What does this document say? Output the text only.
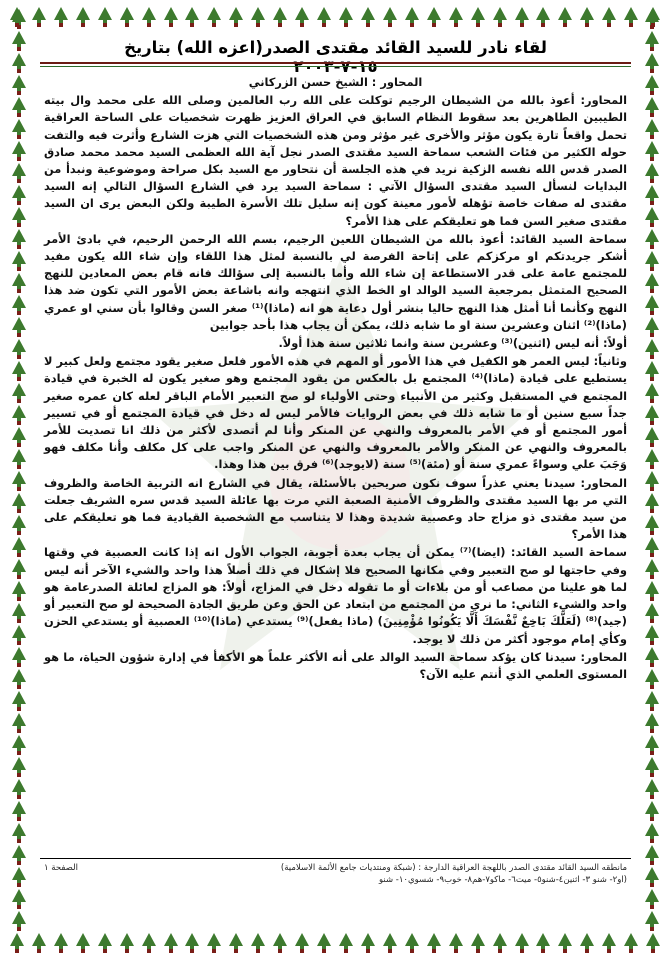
لقاء نادر للسيد القائد مقتدى الصدر(اعزه الله) بتاريخ ١٥-٧-٢٠٠٣

المحاور : الشيخ حسن الزركاني

المحاور: أعوذ بالله من الشيطان الرجيم توكلت على الله رب العالمين وصلى الله على محمد وال بيته الطيبين الطاهرين بعد سقوط النظام السابق في العراق العزيز ظهرت شخصيات على الساحة العراقية تحمل واقعاً تارة يكون مؤثر والأخرى غير مؤثر ومن هذه الشخصيات التي هزت الشارع وأثرت فيه والتفت حوله الكثير من فئات الشعب سماحة السيد مقتدى الصدر نجل آية الله العظمى السيد محمد محمد صادق الصدر قدس الله نفسه الزكية نريد في هذه الجلسة أن نتحاور مع السيد بكل صراحة وموضوعية ونبدأ من البدايات لنسأل السيد مقتدى السؤال الآتي : سماحة السيد يرد في الشارع السؤال التالي إنه السيد مقتدى له صفات خاصة تؤهله لأمور معينة كون إنه سليل تلك الأسرة الطيبة ولكن البعض يرى ان السيد مقتدى صغير السن فما هو تعليقكم على هذا الأمر؟

سماحة السيد القائد: أعوذ بالله من الشيطان اللعين الرجيم، بسم الله الرحمن الرحيم، في بادئ الأمر أشكر جريدتكم او مركزكم على إتاحة الفرصة لي بالنسبة لمثل هذا اللقاء وإن شاء الله يكون مفيد للمجتمع عامة على قدر الاستطاعة إن شاء الله وأما بالنسبة إلى سؤالك فانه قام بعض المعادين للنهج الصحيح المتمثل بمرجعية السيد الوالد او الخط الذي انتهجه وانه باشاعة بعض الأمور التي تكون ضد هذا النهج وكأنما أنا أمثل هذا النهج حاليا بنشر أول دعاية هو انه (ماذا)⁽¹⁾ صغر السن وقالوا بأن سني او عمري (ماذا)⁽²⁾ اثنان وعشرين سنة او ما شابه ذلك، يمكن أن يجاب هذا بأحد جوابين

أولاً: أنه ليس (اثنين)⁽³⁾ وعشرين سنة وانما ثلاثين سنة هذا أولاً.

وثانياً: ليس العمر هو الكفيل في هذا الأمور أو المهم في هذه الأمور فلعل صغير يقود مجتمع ولعل كبير لا يستطيع على قيادة (ماذا)⁽⁴⁾ المجتمع بل بالعكس من يقود المجتمع وهو صغير يكون له الخبرة في قيادة المجتمع في المستقبل وكثير من الأنبياء وحتى الأولياء لو صح التعبير الأمام الباقر لعله كان عمره صغير جداً سبع سنين أو ما شابه ذلك في بعض الروايات فالأمر ليس له دخل في قيادة المجتمع أو في تسيير أمور المجتمع أو في الأمر بالمعروف والنهي عن المنكر وأنا لم أتصدى لأكثر من ذلك انا تصديت للأمر بالمعروف والنهي عن المنكر والأمر بالمعروف والنهي عن المنكر واجب على كل مكلف وأنا مكلف فهو وَجَبَ علي وسواءً عمري سنة أو (مئة)⁽⁵⁾ سنة (لايوجد)⁽⁶⁾ فرق بين هذا وهذا.

المحاور: سيدنا يعني عذراً سوف نكون صريحين بالأسئلة، يقال في الشارع انه التربية الخاصة والظروف التي مر بها السيد مقتدى والظروف الأمنية الصعبة التي مرت بها عائلة السيد قدس سره الشريف جعلت من سيد مقتدى ذو مزاج حاد وعصبية شديدة وهذا لا يتناسب مع الشخصية القيادية فما هو تعليقكم على هذا الأمر؟

سماحة السيد القائد: (ايضا)⁽⁷⁾ يمكن أن يجاب بعدة أجوبة، الجواب الأول انه إذا كانت العصبية في وقتها وفي حاجتها لو صح التعبير وفي مكانها الصحيح فلا إشكال في ذلك أصلاً هذا واحد والشيء الآخر أنه ليس لما هو علينا من مصاعب أو من بلاءات أو ما تقوله دخل في المزاج، أولاً: هو المزاج لعائلة الصدرعامة هو واحد والشيء الثاني: ما نري من المجتمع من ابتعاد عن الحق وعن طريق الجادة الصحيحة لو صح التعبير أو (جيد)⁽⁸⁾ (لَعَلَّكَ بَاخِعٌ نَّفْسَكَ أَلَّا يَكُونُوا مُؤْمِنِينَ) (ماذا يفعل)⁽⁹⁾ يستدعي (ماذا)⁽¹⁰⁾ العصبية أو يستدعي الحزن وكأي إمام موجود أكثر من ذلك لا يوجد.

المحاور: سيدنا كان يؤكد سماحة السيد الوالد على أنه الأكثر علماً هو الأكفأ في إدارة شؤون الحياة، ما هو المستوى العلمي الذي أنتم عليه الآن؟

مانطقه السيد القائد مقتدى الصدر باللهجة العراقية الدارجة : (شبكة ومنتديات جامع الأئمة الاسلامية)
الصفحة ١
(او٢- شنو ٣- اثنين٤-شنو٥- ميت٦- ماكو٧-هم٨- خوب٩- شسوي١٠- شنو
